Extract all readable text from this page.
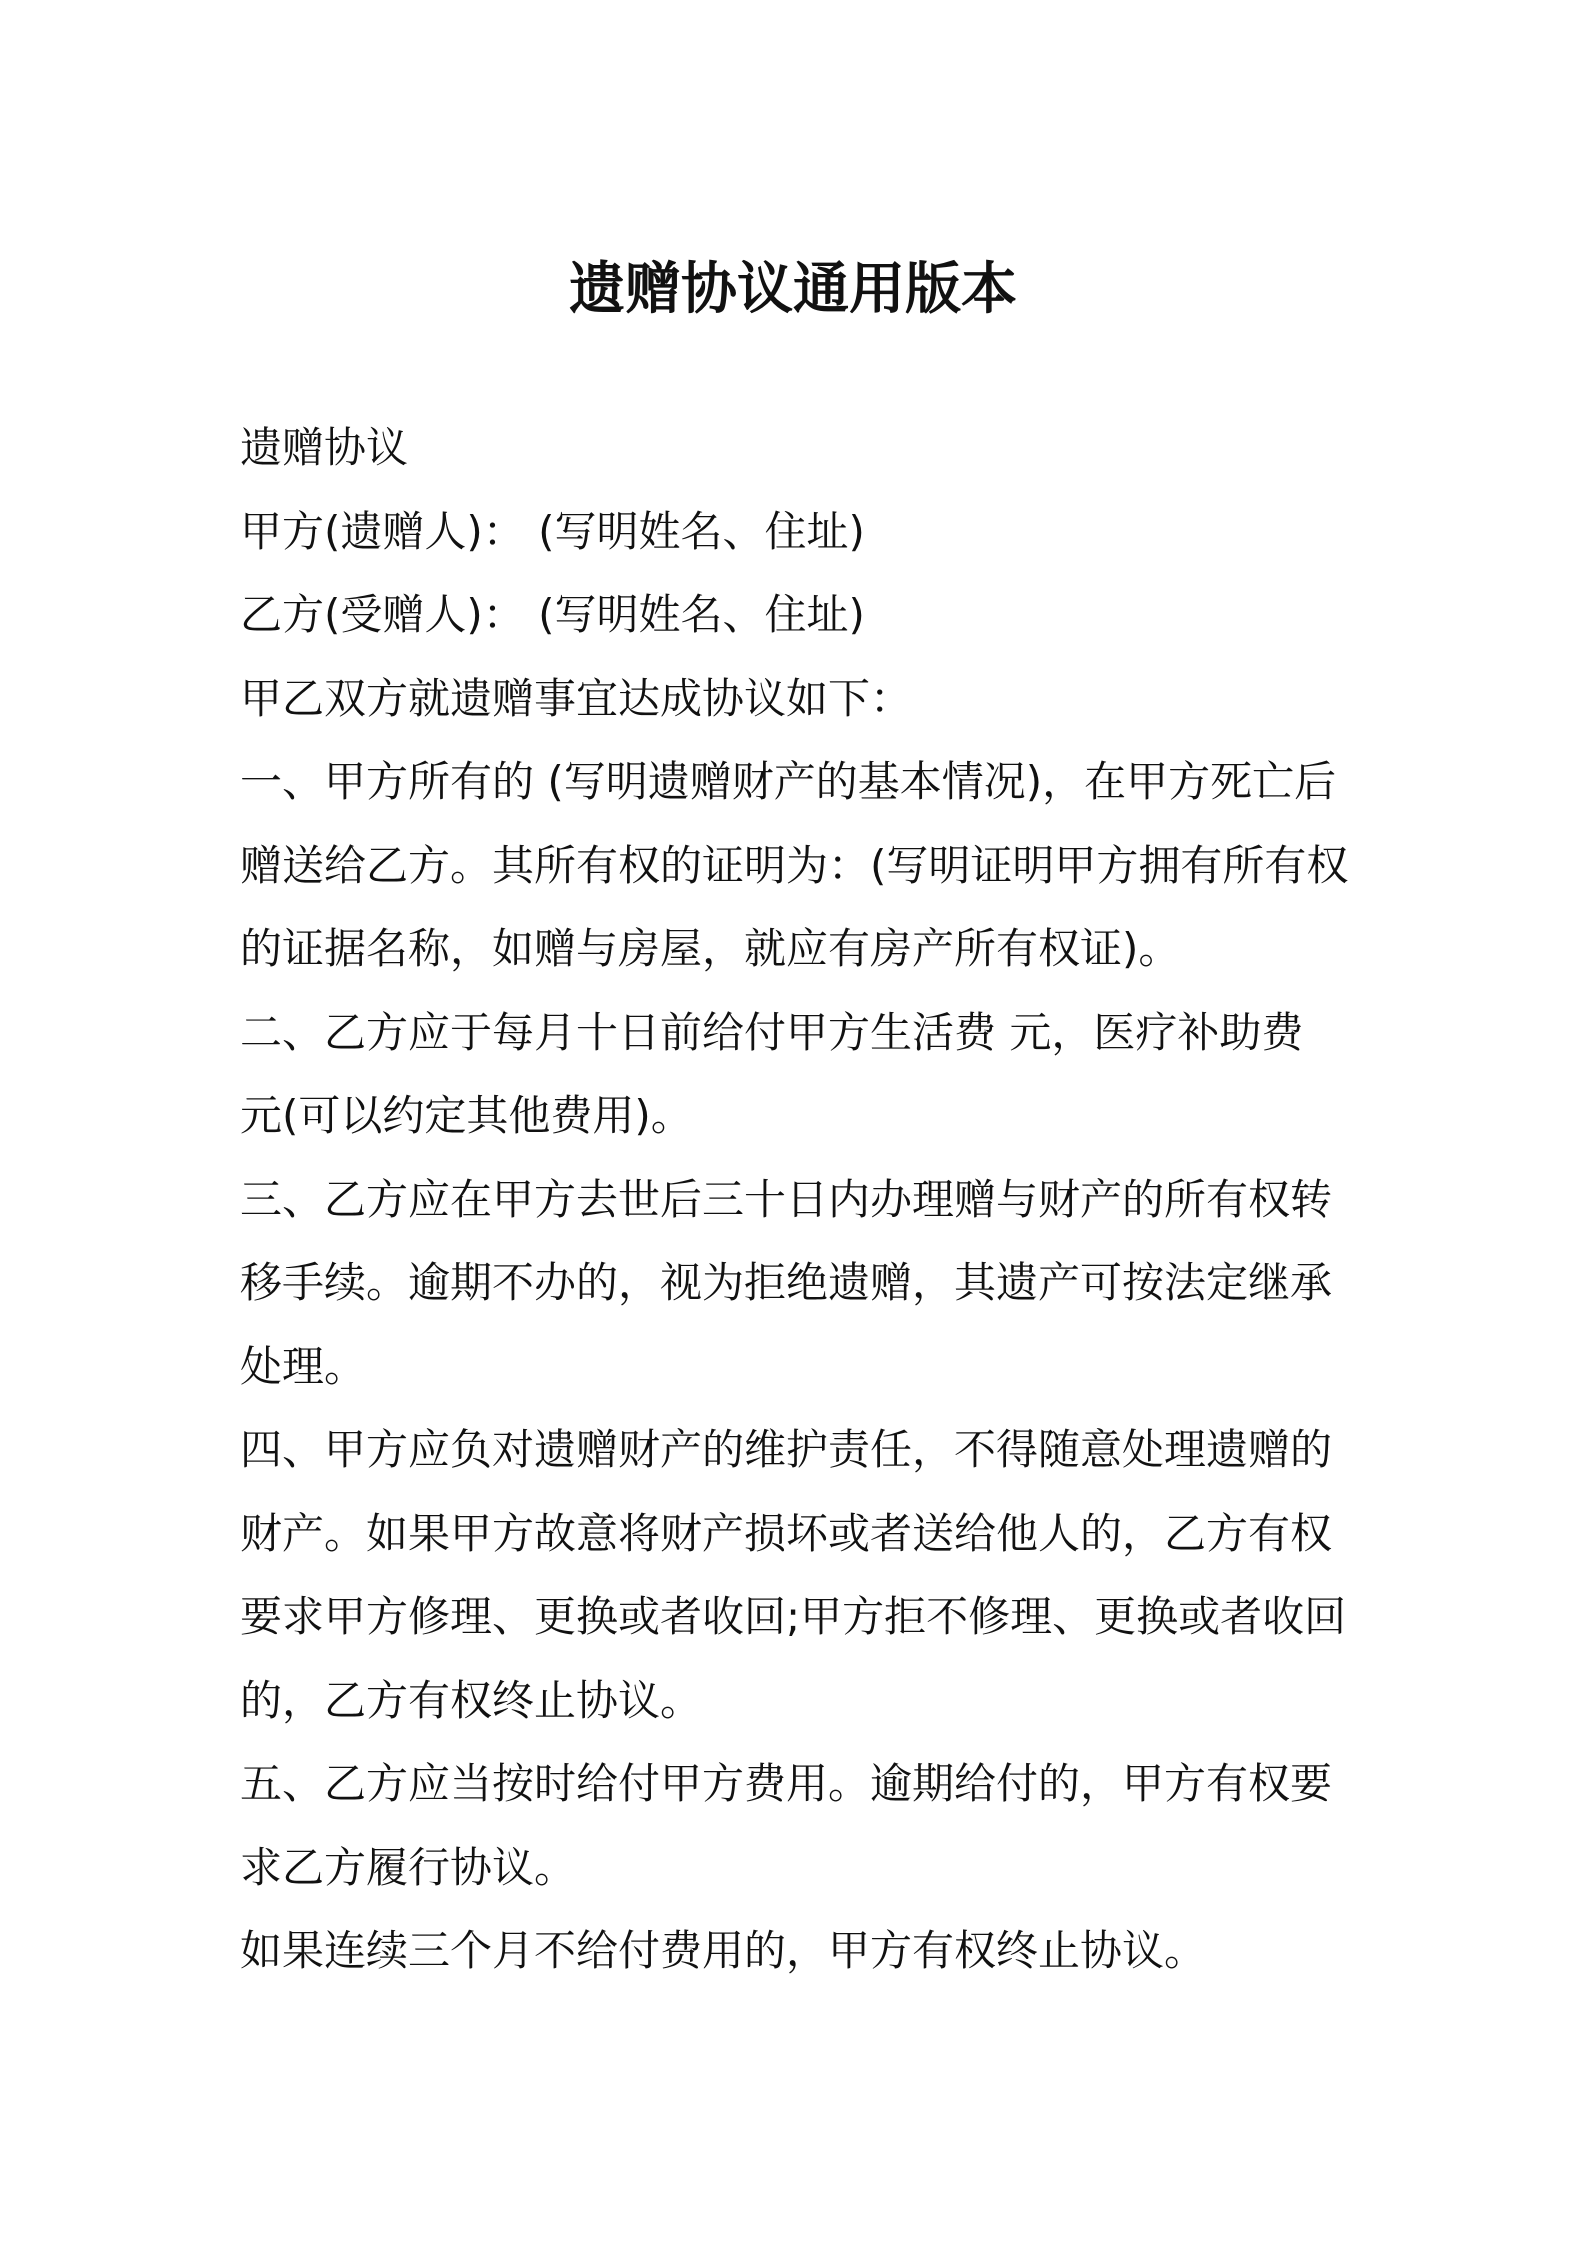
遗赠协议通用版本
遗赠协议
甲方(遗赠人)： (写明姓名、住址)
乙方(受赠人)： (写明姓名、住址)
甲乙双方就遗赠事宜达成协议如下：
一、甲方所有的 (写明遗赠财产的基本情况)，在甲方死亡后
赠送给乙方。其所有权的证明为：(写明证明甲方拥有所有权
的证据名称，如赠与房屋，就应有房产所有权证)。
二、乙方应于每月十日前给付甲方生活费 元，医疗补助费
元(可以约定其他费用)。
三、乙方应在甲方去世后三十日内办理赠与财产的所有权转
移手续。逾期不办的，视为拒绝遗赠，其遗产可按法定继承
处理。
四、甲方应负对遗赠财产的维护责任，不得随意处理遗赠的
财产。如果甲方故意将财产损坏或者送给他人的，乙方有权
要求甲方修理、更换或者收回;甲方拒不修理、更换或者收回
的，乙方有权终止协议。
五、乙方应当按时给付甲方费用。逾期给付的，甲方有权要
求乙方履行协议。
如果连续三个月不给付费用的，甲方有权终止协议。
